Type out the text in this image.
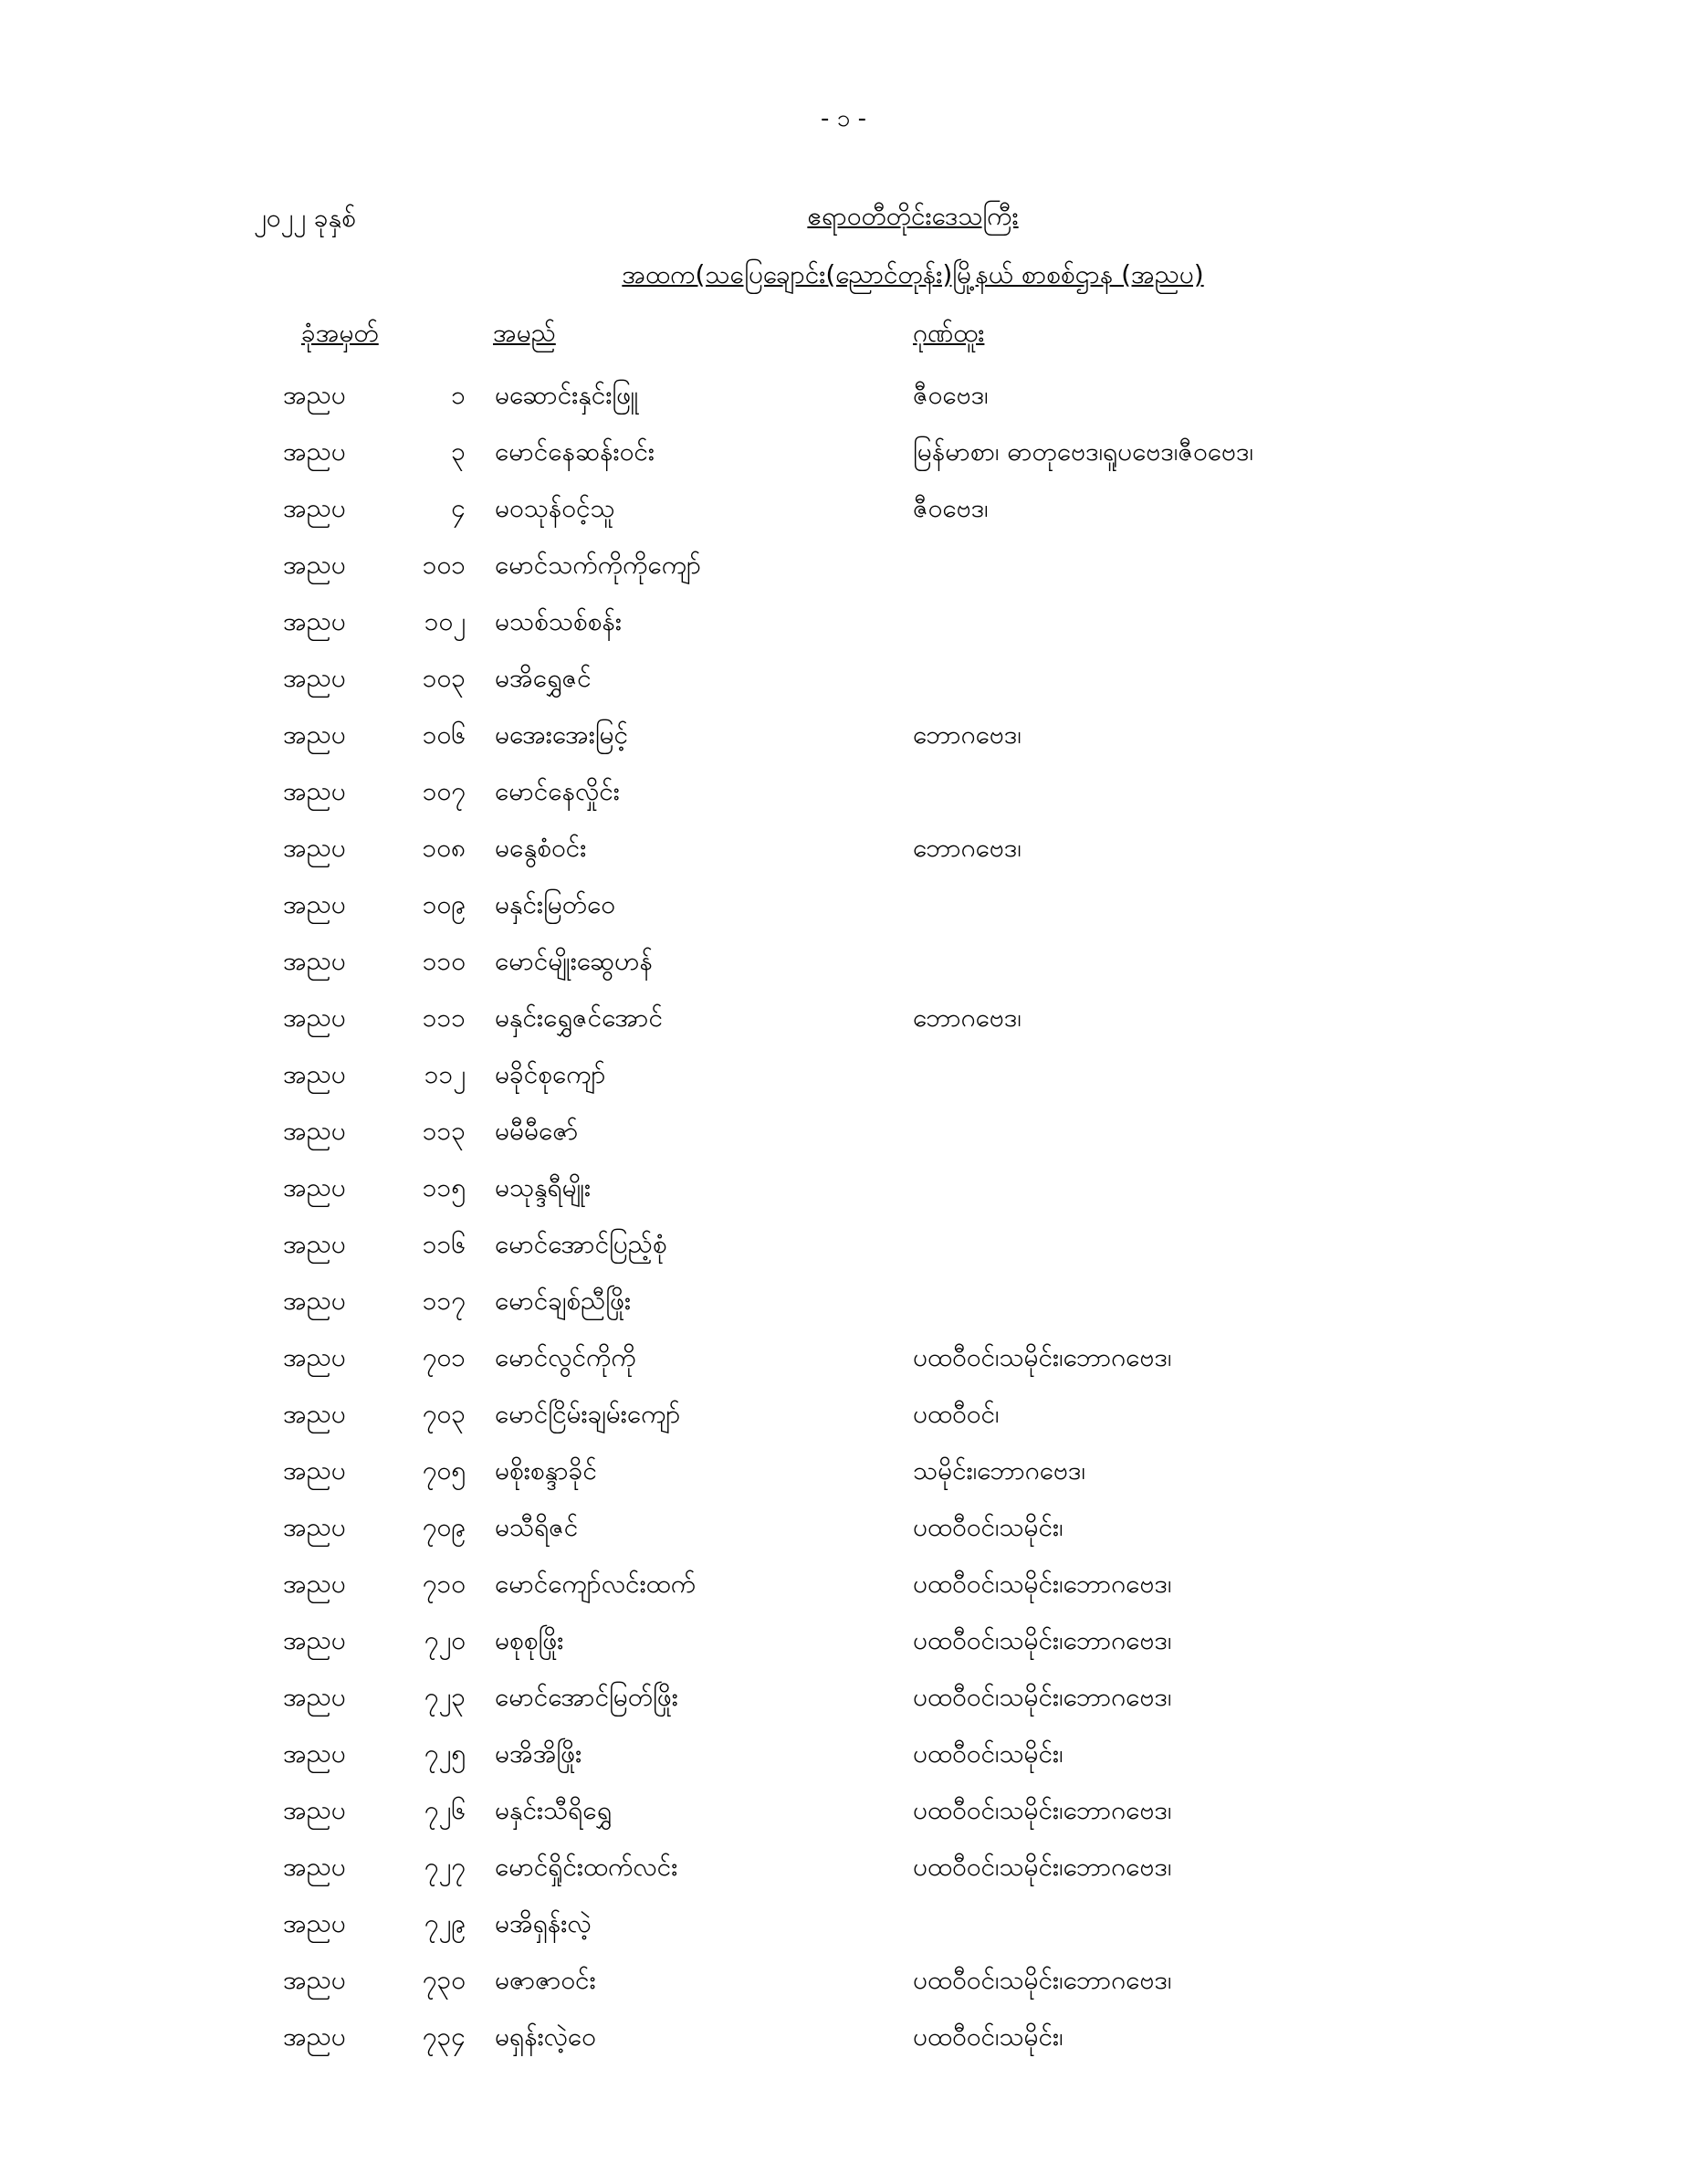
- ၁ -
၂၀၂၂ ခုနှစ်	ဧရာဝတီတိုင်းဒေသကြီး
အထက(သပြေချောင်း(ညောင်တုန်း)မြို့နယ် စာစစ်ဌာန (အညပ)
ခုံအမှတ်	အမည်	ဂုဏ်ထူး
အညပ	၁ မဆောင်းနှင်းဖြူ	ဇီဝဗေဒ၊
အညပ	၃ မောင်နေဆန်းဝင်း	မြန်မာစာ၊ ဓာတုဗေဒ၊ရူပဗေဒ၊ဇီဝဗေဒ၊
အညပ	၄ မဝသုန်ဝင့်သူ	ဇီဝဗေဒ၊
အညပ	၁၀၁ မောင်သက်ကိုကိုကျော်
အညပ	၁၀၂ မသစ်သစ်စန်း
အညပ	၁၀၃ မအိရွှေဇင်
အညပ	၁၀၆ မအေးအေးမြင့်	ဘောဂဗေဒ၊
အညပ	၁၀၇ မောင်နေလှိုင်း
အညပ	၁၀၈ မနွေစံဝင်း	ဘောဂဗေဒ၊
အညပ	၁၀၉ မနှင်းမြတ်ဝေ
အညပ	၁၁၀ မောင်မျိုးဆွေဟန်
အညပ	၁၁၁ မနှင်းရွှေဇင်အောင်	ဘောဂဗေဒ၊
အညပ	၁၁၂ မခိုင်စုကျော်
အညပ	၁၁၃ မမီမီဇော်
အညပ	၁၁၅ မသုန္ဒရီမျိုး
အညပ	၁၁၆ မောင်အောင်ပြည့်စုံ
အညပ	၁၁၇ မောင်ချစ်ညီဖြိုး
အညပ	၇၀၁ မောင်လွင်ကိုကို	ပထဝီဝင်၊သမိုင်း၊ဘောဂဗေဒ၊
အညပ	၇၀၃ မောင်ငြိမ်းချမ်းကျော်	ပထဝီဝင်၊
အညပ	၇၀၅ မစိုးစန္ဒာခိုင်	သမိုင်း၊ဘောဂဗေဒ၊
အညပ	၇၀၉ မသီရိဇင်	ပထဝီဝင်၊သမိုင်း၊
အညပ	၇၁၀ မောင်ကျော်လင်းထက်	ပထဝီဝင်၊သမိုင်း၊ဘောဂဗေဒ၊
အညပ	၇၂၀ မစုစုဖြိုး	ပထဝီဝင်၊သမိုင်း၊ဘောဂဗေဒ၊
အညပ	၇၂၃ မောင်အောင်မြတ်ဖြိုး	ပထဝီဝင်၊သမိုင်း၊ဘောဂဗေဒ၊
အညပ	၇၂၅ မအိအိဖြိုး	ပထဝီဝင်၊သမိုင်း၊
အညပ	၇၂၆ မနှင်းသီရိရွှေ	ပထဝီဝင်၊သမိုင်း၊ဘောဂဗေဒ၊
အညပ	၇၂၇ မောင်ရှိုင်းထက်လင်း	ပထဝီဝင်၊သမိုင်း၊ဘောဂဗေဒ၊
အညပ	၇၂၉ မအိရှန်းလဲ့
အညပ	၇၃၀ မဇာဇာဝင်း	ပထဝီဝင်၊သမိုင်း၊ဘောဂဗေဒ၊
အညပ	၇၃၄ မရှန်းလဲ့ဝေ	ပထဝီဝင်၊သမိုင်း၊
